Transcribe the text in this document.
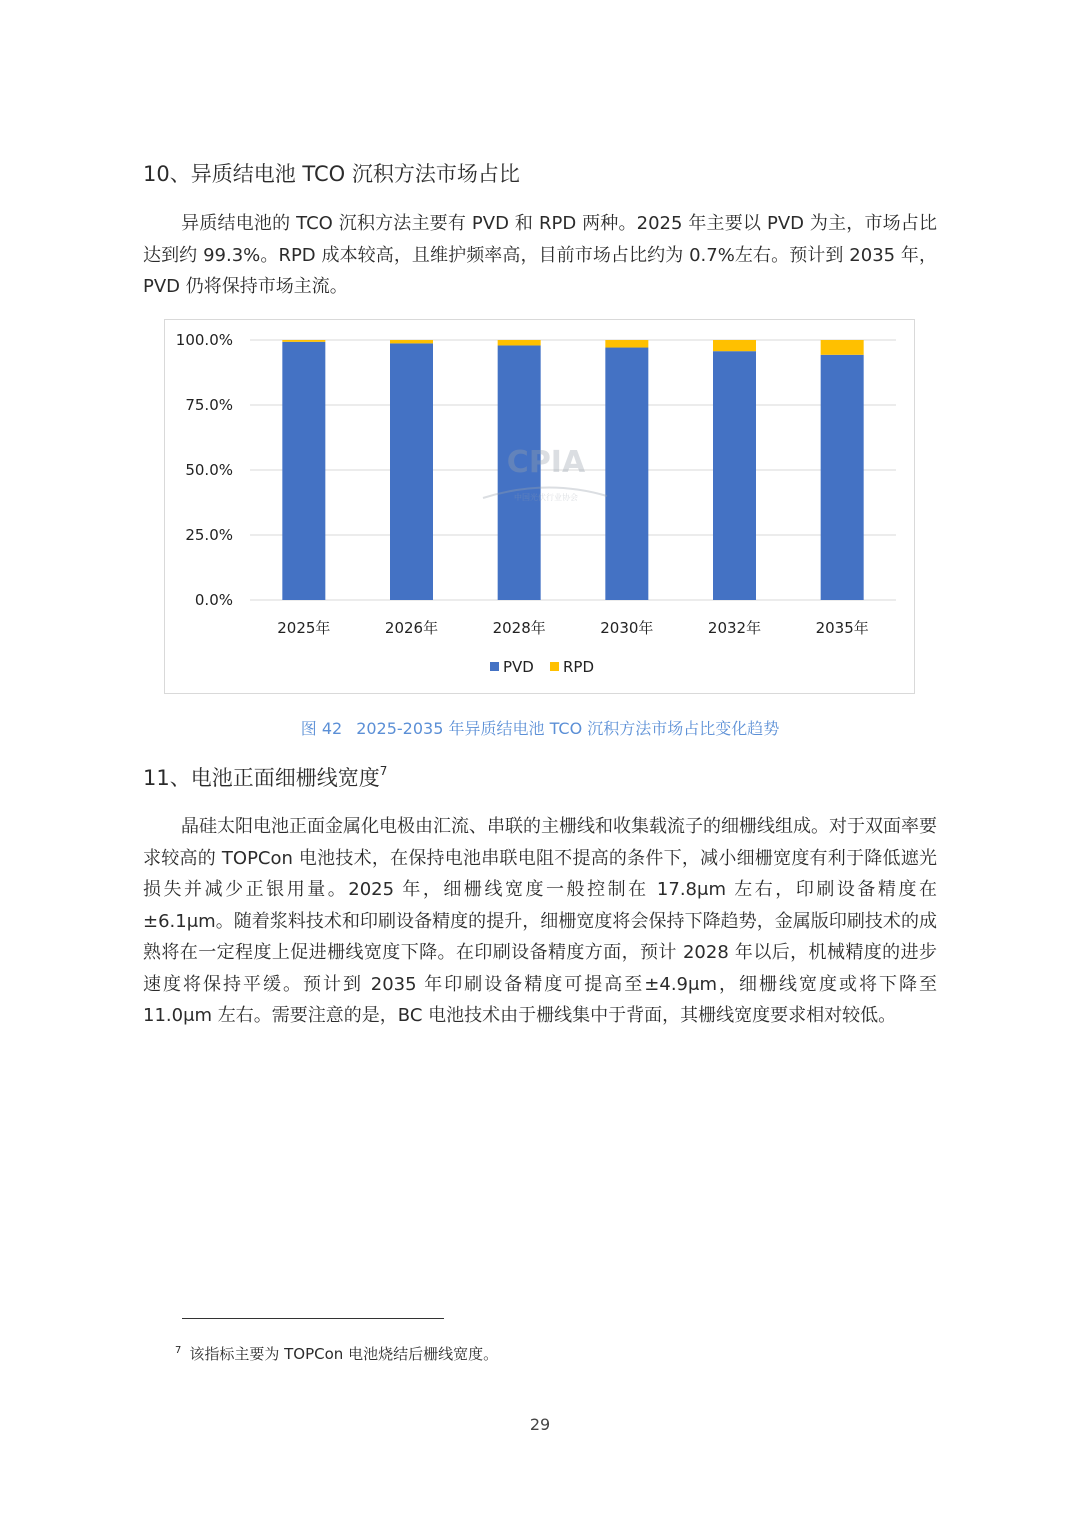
10、异质结电池 TCO 沉积方法市场占比

异质结电池的 TCO 沉积方法主要有 PVD 和 RPD 两种。2025 年主要以 PVD 为主，市场占比达到约 99.3%。RPD 成本较高，且维护频率高，目前市场占比约为 0.7%左右。预计到 2035 年，PVD 仍将保持市场主流。

0.0%
25.0%
50.0%
75.0%
100.0%
2025年	2026年	2028年	2030年	2032年	2035年
CPIA
中国光伏行业协会
PVD RPD
图 42 2025-2035 年异质结电池 TCO 沉积方法市场占比变化趋势
11、电池正面细栅线宽度$^7$

晶硅太阳电池正面金属化电极由汇流、串联的主栅线和收集载流子的细栅线组成。对于双面率要求较高的 TOPCon 电池技术，在保持电池串联电阻不提高的条件下，减小细栅宽度有利于降低遮光损失并减少正银用量。2025 年，细栅线宽度一般控制在 17.8μm 左右，印刷设备精度在±6.1μm。随着浆料技术和印刷设备精度的提升，细栅宽度将会保持下降趋势，金属版印刷技术的成熟将在一定程度上促进栅线宽度下降。在印刷设备精度方面，预计 2028 年以后，机械精度的进步速度将保持平缓。预计到 2035 年印刷设备精度可提高至±4.9μm，细栅线宽度或将下降至 11.0μm 左右。需要注意的是，BC 电池技术由于栅线集中于背面，其栅线宽度要求相对较低。

$^7$ 该指标主要为 TOPCon 电池烧结后栅线宽度。
29
